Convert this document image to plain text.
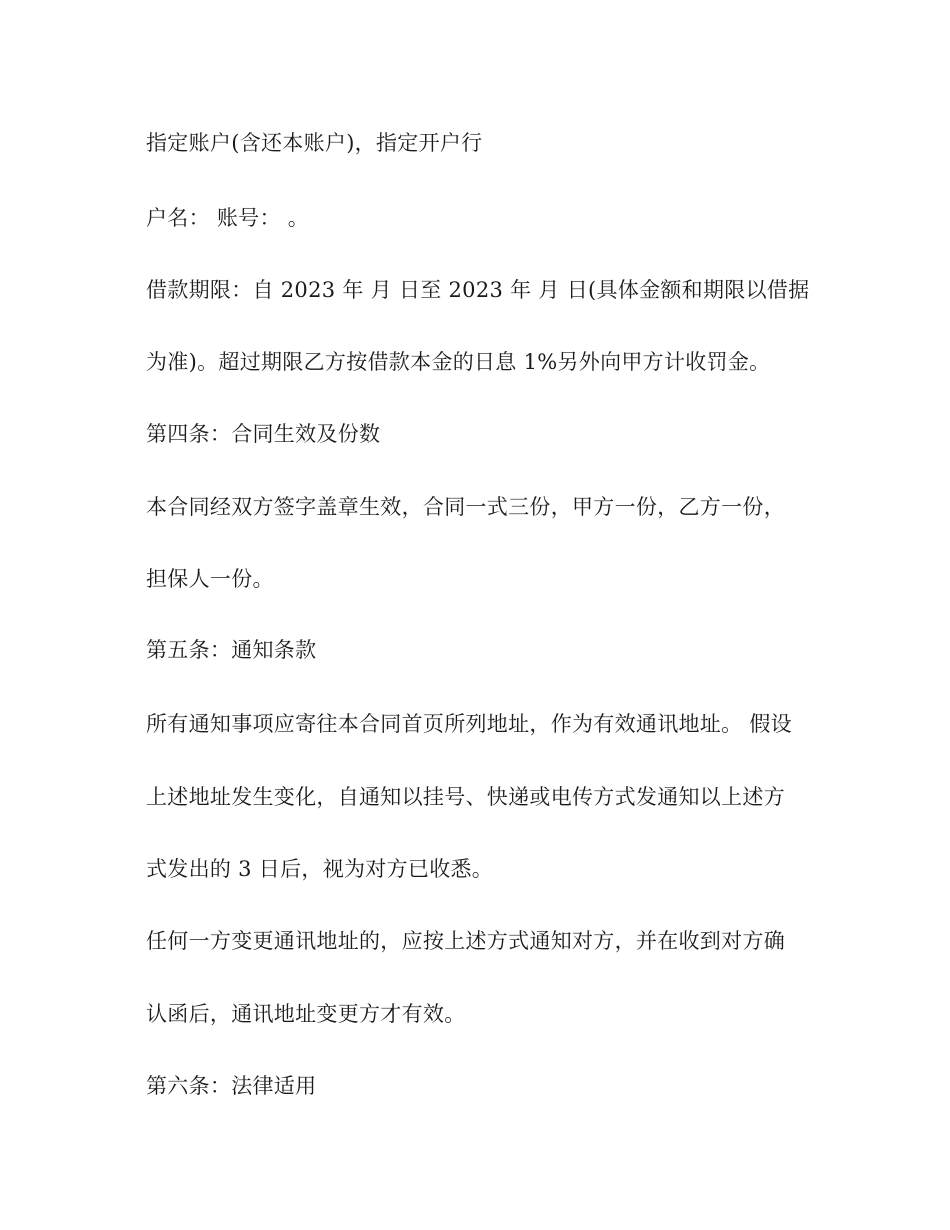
指定账户(含还本账户)，指定开户行

户名： 账号： 。

借款期限：自 2023 年 月 日至 2023 年 月 日(具体金额和期限以借据

为准)。超过期限乙方按借款本金的日息 1%另外向甲方计收罚金。

第四条：合同生效及份数

本合同经双方签字盖章生效，合同一式三份，甲方一份，乙方一份，

担保人一份。

第五条：通知条款

所有通知事项应寄往本合同首页所列地址，作为有效通讯地址。 假设

上述地址发生变化，自通知以挂号、快递或电传方式发通知以上述方

式发出的 3 日后，视为对方已收悉。

任何一方变更通讯地址的，应按上述方式通知对方，并在收到对方确

认函后，通讯地址变更方才有效。

第六条：法律适用
